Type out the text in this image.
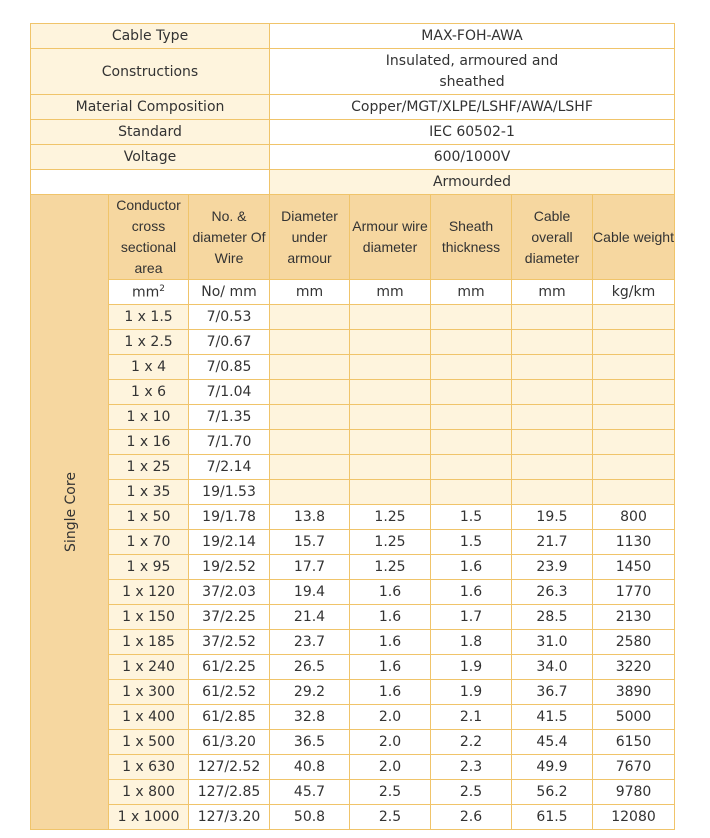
Cable Type			MAX-FOH-AWA				
Constructions			Insulated, armoured and sheathed				

Material Composition			Copper/MGT/XLPE/LSHF/AWA/LSHF				
Standard			IEC 60502-1				
Voltage			600/1000V				
			Armourded				
Single Core	Conductor cross sectional area	No. & diameter Of Wire	Diameter under armour	Armour wire diameter	Sheath thickness	Cable overall diameter	Cable weight
	$mm^2$	No/ mm	mm	mm	mm	mm	kg/km
	1 x 1.5	7/0.53					
	1 x 2.5	7/0.67					
	1 x 4	7/0.85					
	1 x 6	7/1.04					
	1 x 10	7/1.35					
	1 x 16	7/1.70					
	1 x 25	7/2.14					
	1 x 35	19/1.53					
	1 x 50	19/1.78	13.8	1.25	1.5	19.5	800
	1 x 70	19/2.14	15.7	1.25	1.5	21.7	1130
	1 x 95	19/2.52	17.7	1.25	1.6	23.9	1450
	1 x 120	37/2.03	19.4	1.6	1.6	26.3	1770
	1 x 150	37/2.25	21.4	1.6	1.7	28.5	2130
	1 x 185	37/2.52	23.7	1.6	1.8	31.0	2580
	1 x 240	61/2.25	26.5	1.6	1.9	34.0	3220
	1 x 300	61/2.52	29.2	1.6	1.9	36.7	3890
	1 x 400	61/2.85	32.8	2.0	2.1	41.5	5000
	1 x 500	61/3.20	36.5	2.0	2.2	45.4	6150
	1 x 630	127/2.52	40.8	2.0	2.3	49.9	7670
	1 x 800	127/2.85	45.7	2.5	2.5	56.2	9780
	1 x 1000	127/3.20	50.8	2.5	2.6	61.5	12080
